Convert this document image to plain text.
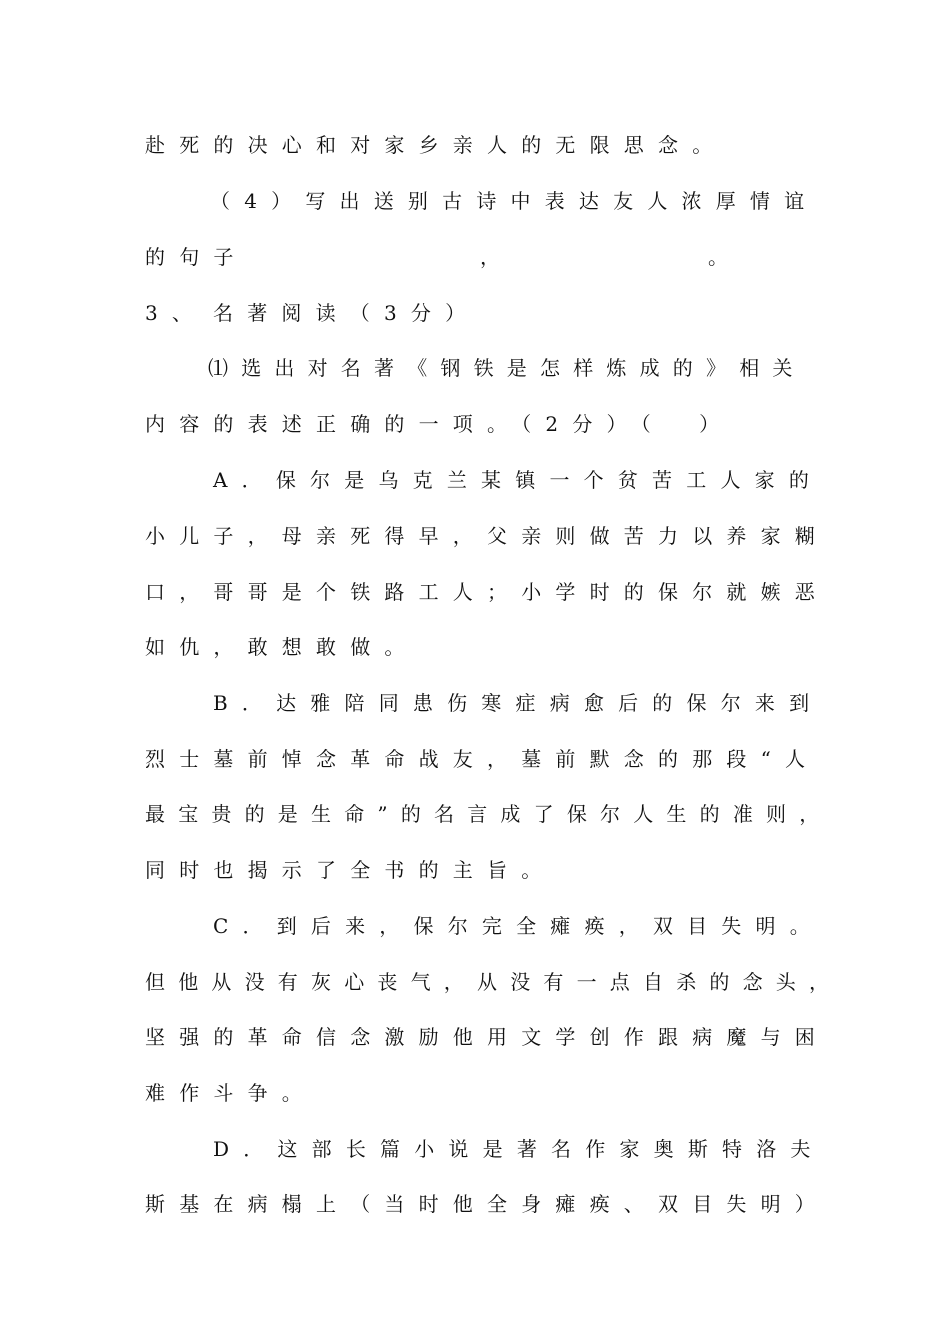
赴死的决心和对家乡亲人的无限思念。
（4）写出送别古诗中表达友人浓厚情谊
的句子	，	。
3、 名著阅读（3分）
⑴选出对名著《钢铁是怎样炼成的》相关
内容的表述正确的一项。（2分）（　）
A．保尔是乌克兰某镇一个贫苦工人家的
小儿子，母亲死得早，父亲则做苦力以养家糊
口，哥哥是个铁路工人；小学时的保尔就嫉恶
如仇，敢想敢做。
B．达雅陪同患伤寒症病愈后的保尔来到
烈士墓前悼念革命战友，墓前默念的那段“人
最宝贵的是生命”的名言成了保尔人生的准则，
同时也揭示了全书的主旨。
C．到后来，保尔完全瘫痪，双目失明。
但他从没有灰心丧气，从没有一点自杀的念头，
坚强的革命信念激励他用文学创作跟病魔与困
难作斗争。
D．这部长篇小说是著名作家奥斯特洛夫
斯基在病榻上（当时他全身瘫痪、双目失明）
